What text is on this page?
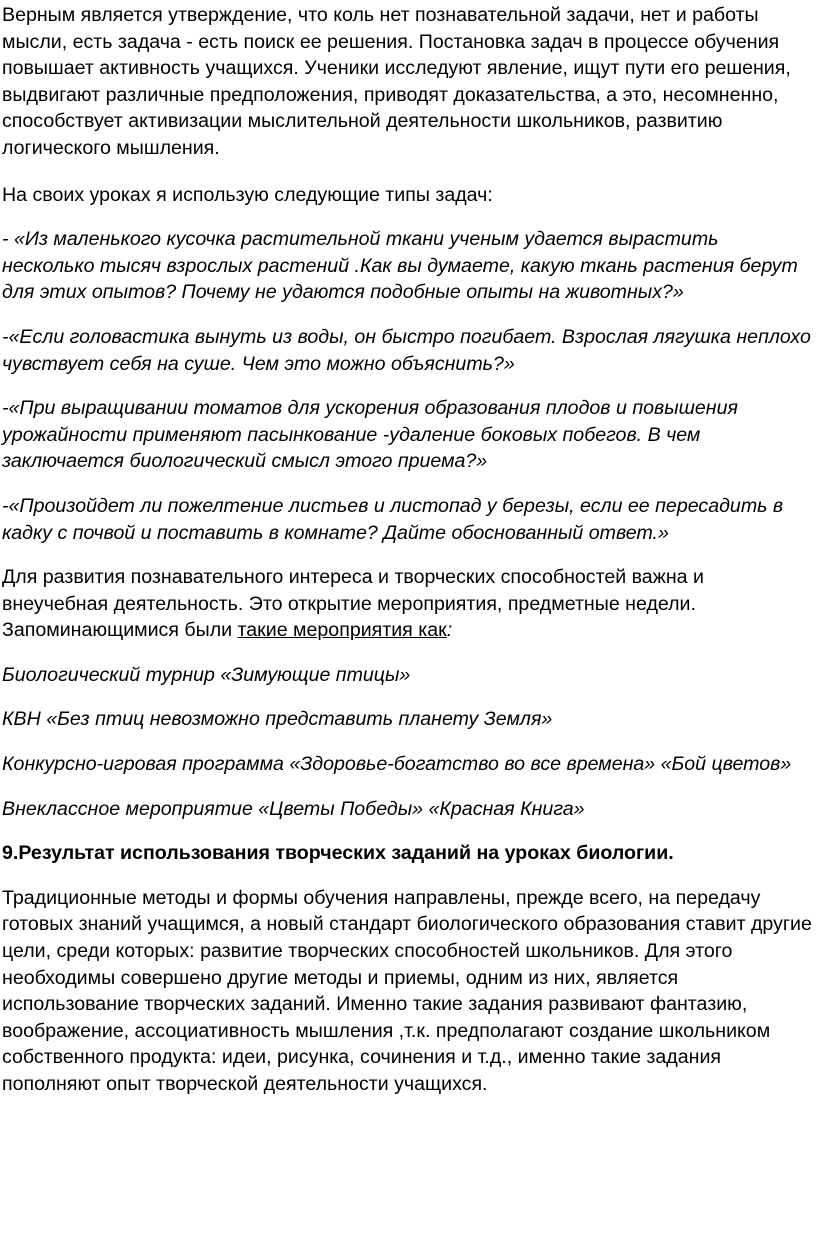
Верным является утверждение, что коль нет познавательной задачи, нет и работы мысли, есть задача - есть поиск ее решения. Постановка задач в процессе обучения повышает активность учащихся. Ученики исследуют явление, ищут пути его решения, выдвигают различные предположения, приводят доказательства, а это, несомненно, способствует активизации мыслительной деятельности школьников, развитию логического мышления.

На своих уроках я использую следующие типы задач:

- «Из маленького кусочка растительной ткани ученым удается вырастить несколько тысяч взрослых растений .Как вы думаете, какую ткань растения берут для этих опытов? Почему не удаются подобные опыты на животных?»

-«Если головастика вынуть из воды, он быстро погибает. Взрослая лягушка неплохо чувствует себя на суше. Чем это можно объяснить?»

-«При выращивании томатов для ускорения образования плодов и повышения урожайности применяют пасынкование -удаление боковых побегов. В чем заключается биологический смысл этого приема?»

-«Произойдет ли пожелтение листьев и листопад у березы, если ее пересадить в кадку с почвой и поставить в комнате? Дайте обоснованный ответ.»

Для развития познавательного интереса и творческих способностей важна и внеучебная деятельность. Это открытие мероприятия, предметные недели. Запоминающимися были такие мероприятия как:

Биологический турнир «Зимующие птицы»

КВН «Без птиц невозможно представить планету Земля»

Конкурсно-игровая программа «Здоровье-богатство во все времена» «Бой цветов»

Внеклассное мероприятие «Цветы Победы» «Красная Книга»

9.Результат использования творческих заданий на уроках биологии.

Традиционные методы и формы обучения направлены, прежде всего, на передачу готовых знаний учащимся, а новый стандарт биологического образования ставит другие цели, среди которых: развитие творческих способностей школьников. Для этого необходимы совершено другие методы и приемы, одним из них, является использование творческих заданий. Именно такие задания развивают фантазию, воображение, ассоциативность мышления ,т.к. предполагают создание школьником собственного продукта: идеи, рисунка, сочинения и т.д., именно такие задания пополняют опыт творческой деятельности учащихся.
